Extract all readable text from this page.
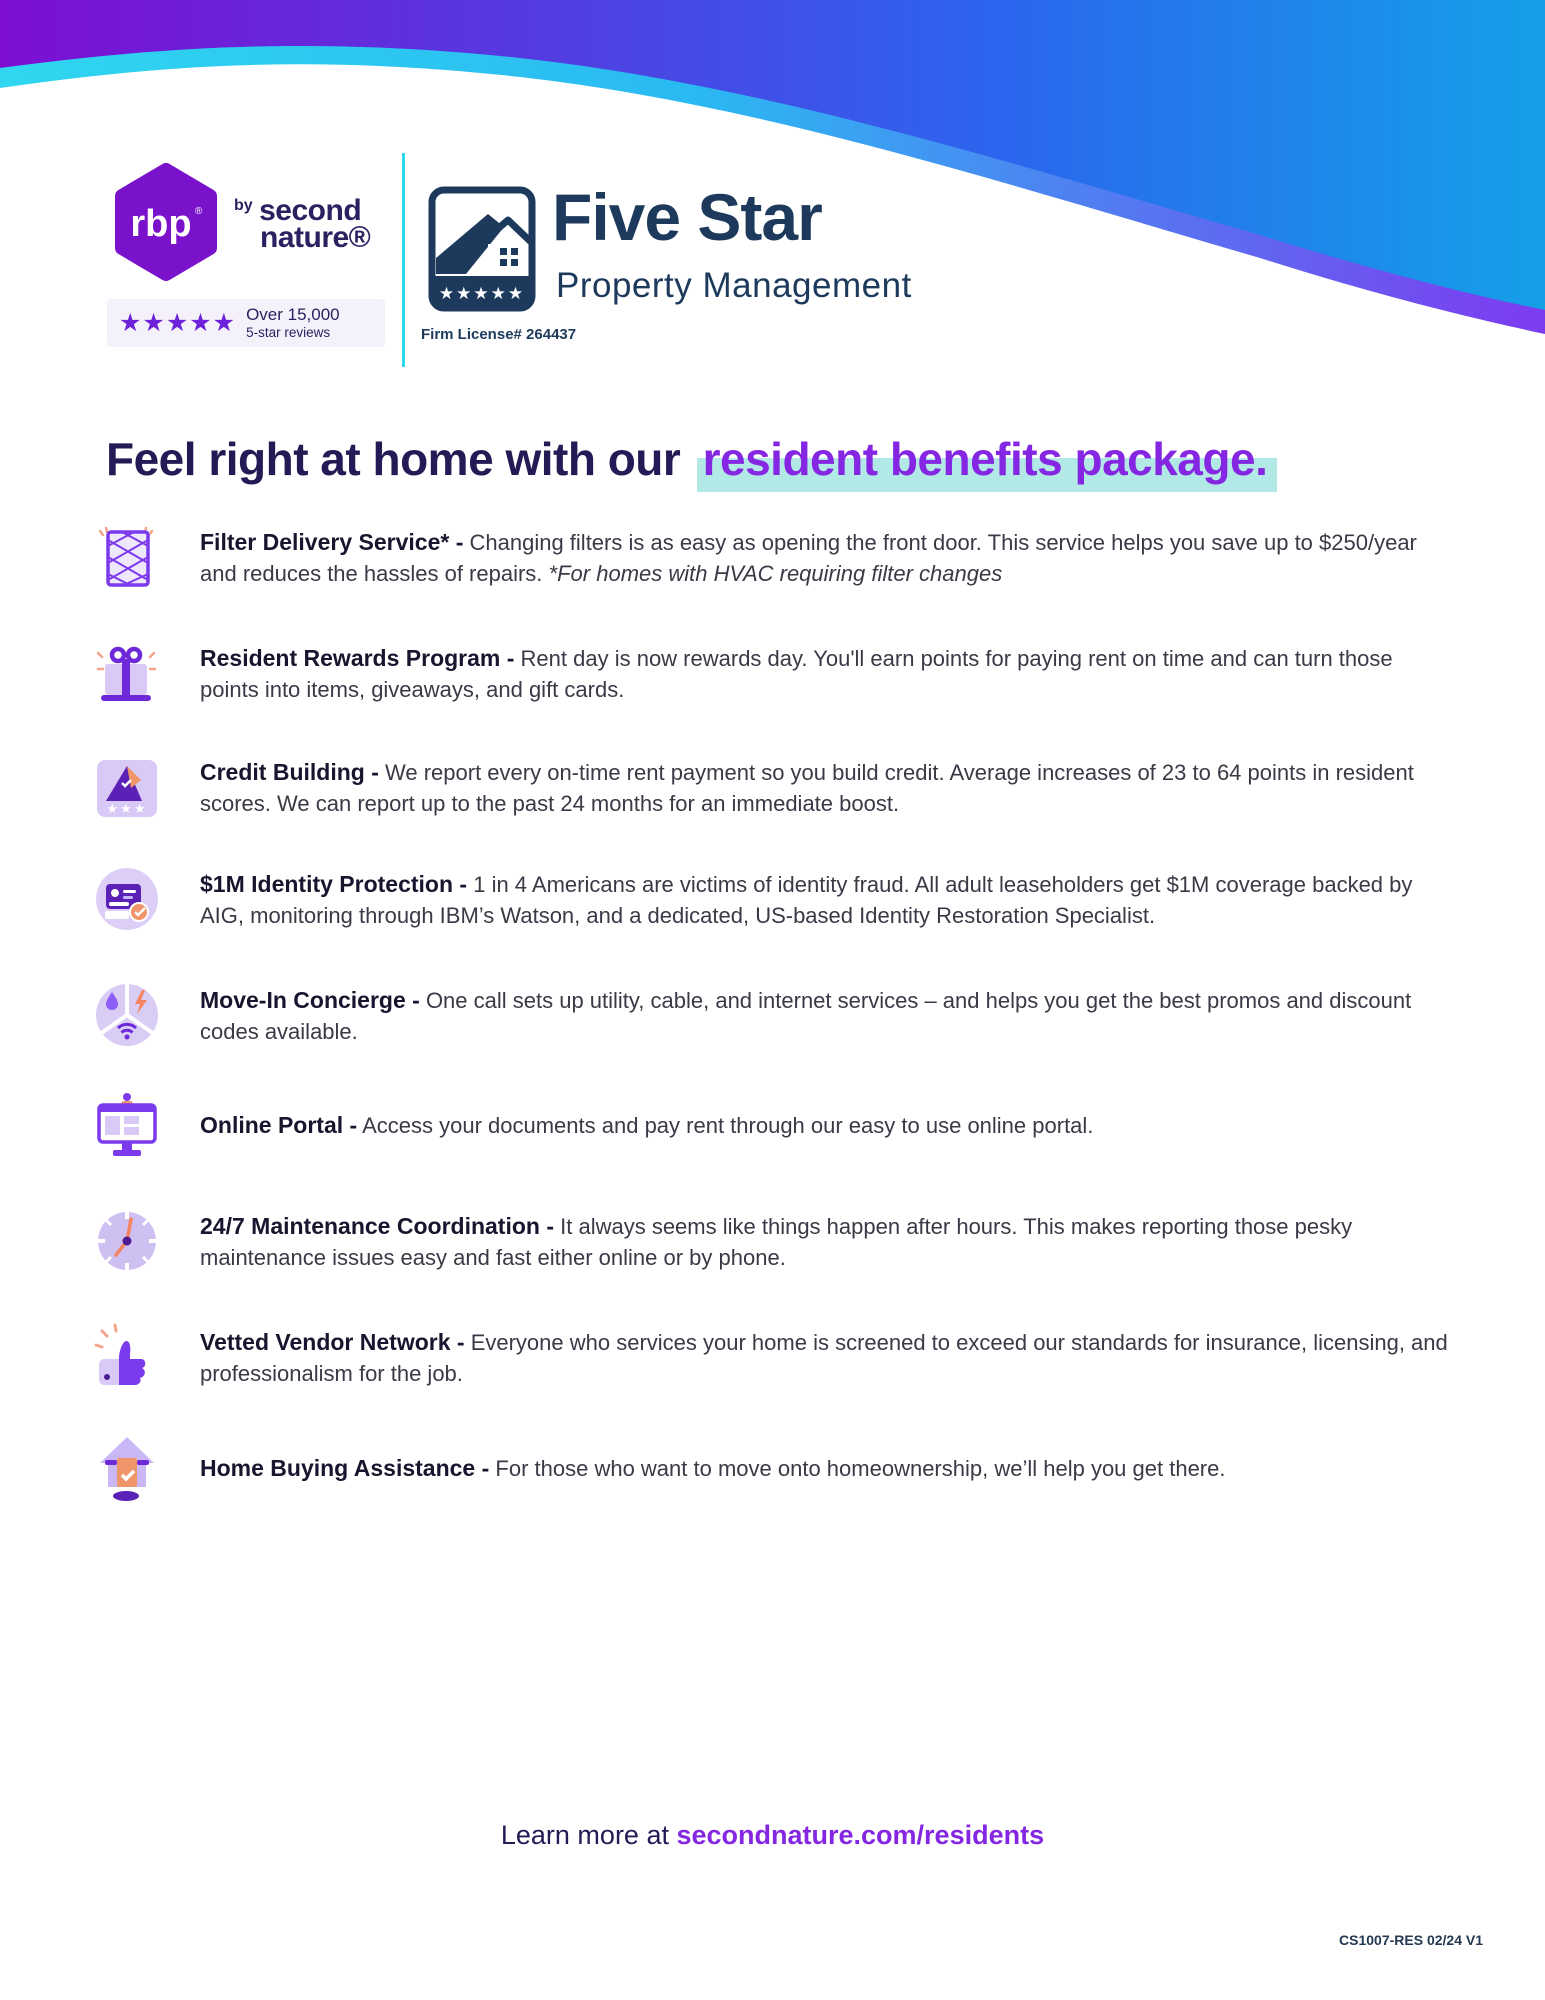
rbp ® by second
nature®
★★★★★ Over 15,000
5-star reviews
★★★★★
Five Star
Property Management
Firm License# 264437
Feel right at home with our resident benefits package.

Filter Delivery Service* - Changing filters is as easy as opening the front door. This service helps you save up to $250/year and reduces the hassles of repairs. *For homes with HVAC requiring filter changes

Resident Rewards Program - Rent day is now rewards day. You'll earn points for paying rent on time and can turn those points into items, giveaways, and gift cards.

★★★

Credit Building - We report every on-time rent payment so you build credit. Average increases of 23 to 64 points in resident scores. We can report up to the past 24 months for an immediate boost.

$1M Identity Protection - 1 in 4 Americans are victims of identity fraud. All adult leaseholders get $1M coverage backed by AIG, monitoring through IBM’s Watson, and a dedicated, US-based Identity Restoration Specialist.

Move-In Concierge - One call sets up utility, cable, and internet services – and helps you get the best promos and discount codes available.

Online Portal - Access your documents and pay rent through our easy to use online portal.

24/7 Maintenance Coordination - It always seems like things happen after hours. This makes reporting those pesky maintenance issues easy and fast either online or by phone.

Vetted Vendor Network - Everyone who services your home is screened to exceed our standards for insurance, licensing, and professionalism for the job.

Home Buying Assistance - For those who want to move onto homeownership, we’ll help you get there.

Learn more at secondnature.com/residents
CS1007-RES 02/24 V1
